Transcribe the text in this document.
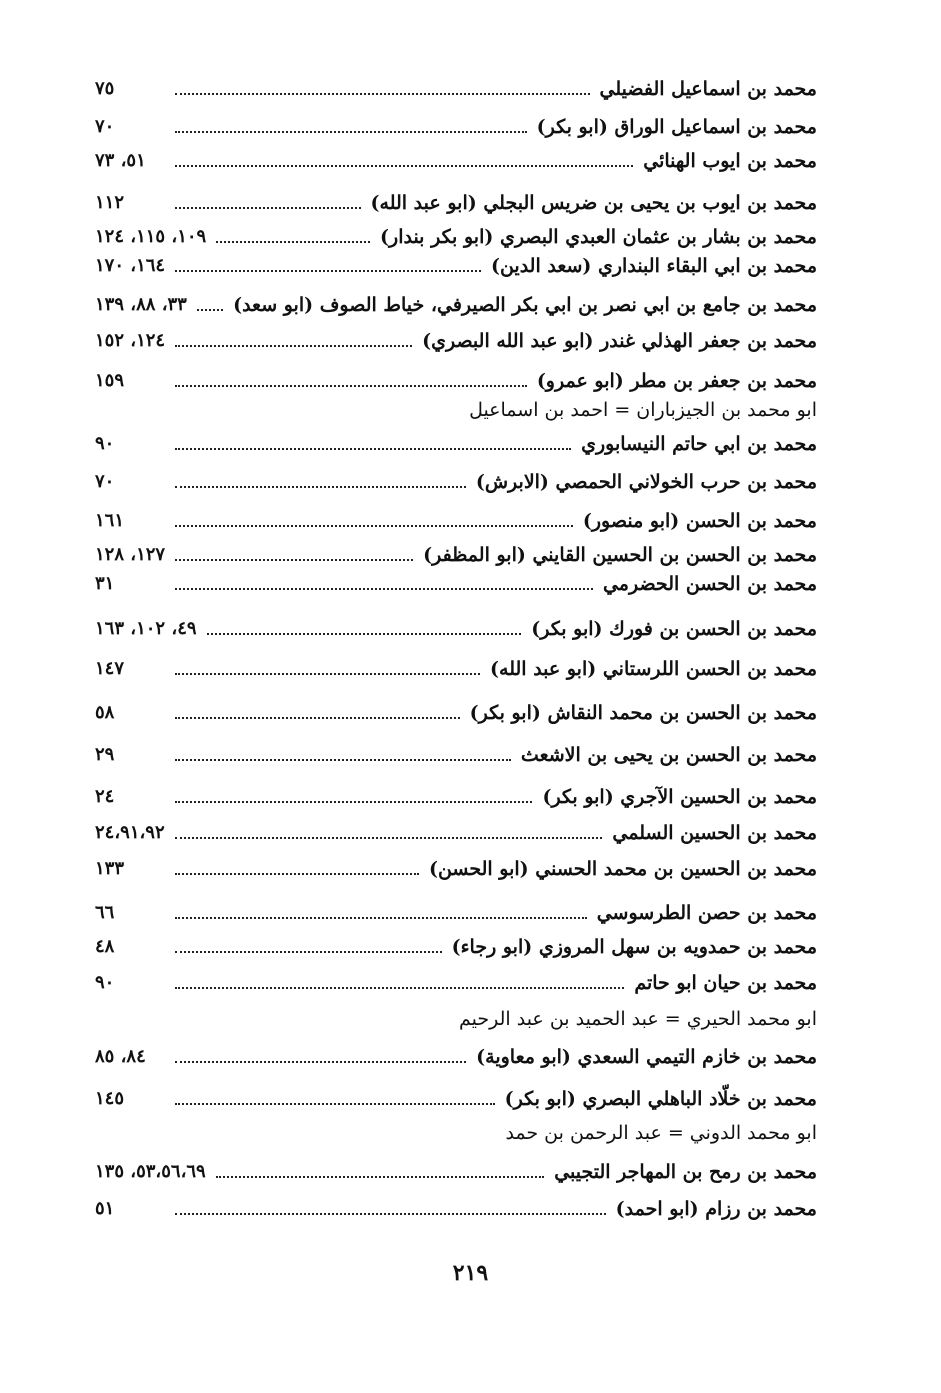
محمد بن اسماعيل الفضيلي
٧٥
محمد بن اسماعيل الوراق (ابو بكر)
٧٠
محمد بن ايوب الهنائي
٥١، ٧٣
محمد بن ايوب بن يحيى بن ضريس البجلي (ابو عبد الله)
١١٢
محمد بن بشار بن عثمان العبدي البصري (ابو بكر بندار)
١٠٩، ١١٥، ١٢٤
محمد بن ابي البقاء البنداري (سعد الدين)
١٦٤، ١٧٠
محمد بن جامع بن ابي نصر بن ابي بكر الصيرفي، خياط الصوف (ابو سعد)
٣٣، ٨٨، ١٣٩
محمد بن جعفر الهذلي غندر (ابو عبد الله البصري)
١٢٤، ١٥٢
محمد بن جعفر بن مطر (ابو عمرو)
١٥٩
ابو محمد بن الجيزباران = احمد بن اسماعيل
محمد بن ابي حاتم النيسابوري
٩٠
محمد بن حرب الخولاني الحمصي (الابرش)
٧٠
محمد بن الحسن (ابو منصور)
١٦١
محمد بن الحسن بن الحسين القايني (ابو المظفر)
١٢٧، ١٢٨
محمد بن الحسن الحضرمي
٣١
محمد بن الحسن بن فورك (ابو بكر)
٤٩، ١٠٢، ١٦٣
محمد بن الحسن اللرستاني (ابو عبد الله)
١٤٧
محمد بن الحسن بن محمد النقاش (ابو بكر)
٥٨
محمد بن الحسن بن يحيى بن الاشعث
٢٩
محمد بن الحسين الآجري (ابو بكر)
٢٤
محمد بن الحسين السلمي
٢٤،٩١،٩٢
محمد بن الحسين بن محمد الحسني (ابو الحسن)
١٣٣
محمد بن حصن الطرسوسي
٦٦
محمد بن حمدويه بن سهل المروزي (ابو رجاء)
٤٨
محمد بن حيان ابو حاتم
٩٠
ابو محمد الحيري = عبد الحميد بن عبد الرحيم
محمد بن خازم التيمي السعدي (ابو معاوية)
٨٤، ٨٥
محمد بن خلّاد الباهلي البصري (ابو بكر)
١٤٥
ابو محمد الدوني = عبد الرحمن بن حمد
محمد بن رمح بن المهاجر التجيبي
٥٣،٥٦،٦٩، ١٣٥
محمد بن رزام (ابو احمد)
٥١
٢١٩
